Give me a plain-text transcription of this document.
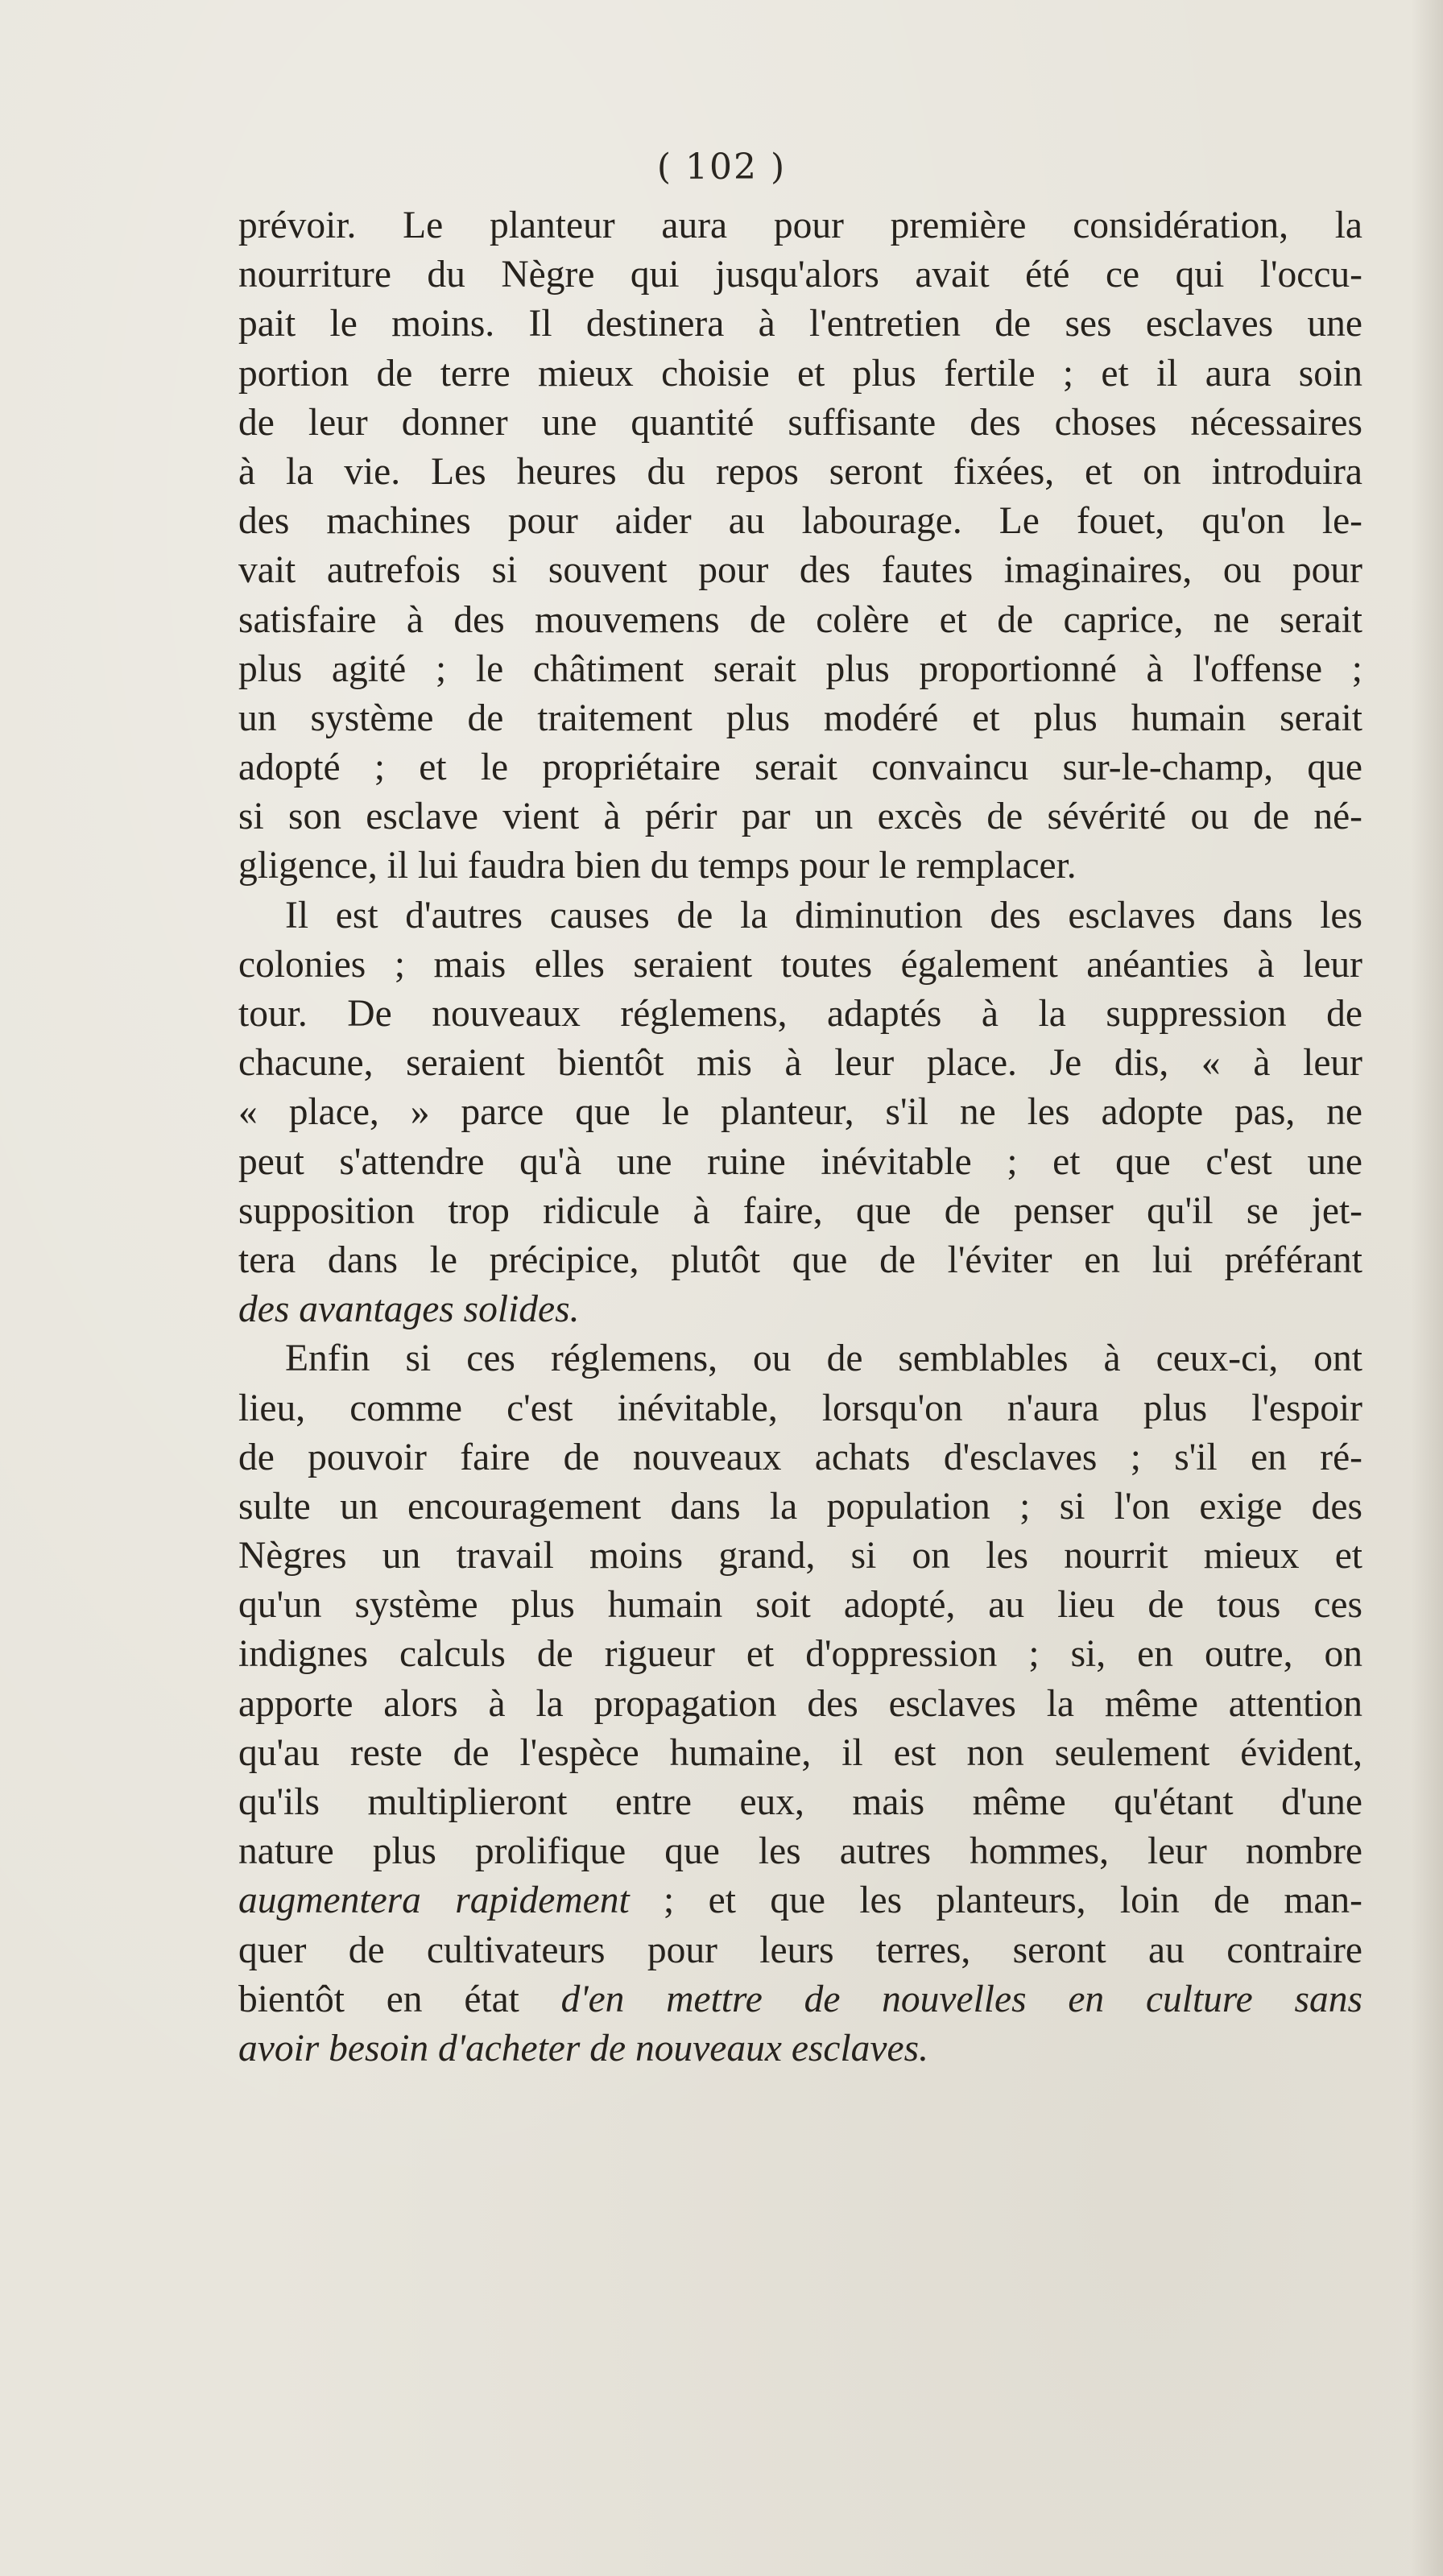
( 102 )
prévoir. Le planteur aura pour première considération, la
nourriture du Nègre qui jusqu'alors avait été ce qui l'occu-
pait le moins. Il destinera à l'entretien de ses esclaves une
portion de terre mieux choisie et plus fertile ; et il aura soin
de leur donner une quantité suffisante des choses nécessaires
à la vie. Les heures du repos seront fixées, et on introduira
des machines pour aider au labourage. Le fouet, qu'on le-
vait autrefois si souvent pour des fautes imaginaires, ou pour
satisfaire à des mouvemens de colère et de caprice, ne serait
plus agité ; le châtiment serait plus proportionné à l'offense ;
un système de traitement plus modéré et plus humain serait
adopté ; et le propriétaire serait convaincu sur-le-champ, que
si son esclave vient à périr par un excès de sévérité ou de né-
gligence, il lui faudra bien du temps pour le remplacer.
Il est d'autres causes de la diminution des esclaves dans les
colonies ; mais elles seraient toutes également anéanties à leur
tour. De nouveaux réglemens, adaptés à la suppression de
chacune, seraient bientôt mis à leur place. Je dis, « à leur
« place, » parce que le planteur, s'il ne les adopte pas, ne
peut s'attendre qu'à une ruine inévitable ; et que c'est une
supposition trop ridicule à faire, que de penser qu'il se jet-
tera dans le précipice, plutôt que de l'éviter en lui préférant
des avantages solides.
Enfin si ces réglemens, ou de semblables à ceux-ci, ont
lieu, comme c'est inévitable, lorsqu'on n'aura plus l'espoir
de pouvoir faire de nouveaux achats d'esclaves ; s'il en ré-
sulte un encouragement dans la population ; si l'on exige des
Nègres un travail moins grand, si on les nourrit mieux et
qu'un système plus humain soit adopté, au lieu de tous ces
indignes calculs de rigueur et d'oppression ; si, en outre, on
apporte alors à la propagation des esclaves la même attention
qu'au reste de l'espèce humaine, il est non seulement évident,
qu'ils multiplieront entre eux, mais même qu'étant d'une
nature plus prolifique que les autres hommes, leur nombre
augmentera rapidement ; et que les planteurs, loin de man-
quer de cultivateurs pour leurs terres, seront au contraire
bientôt en état d'en mettre de nouvelles en culture sans
avoir besoin d'acheter de nouveaux esclaves.
